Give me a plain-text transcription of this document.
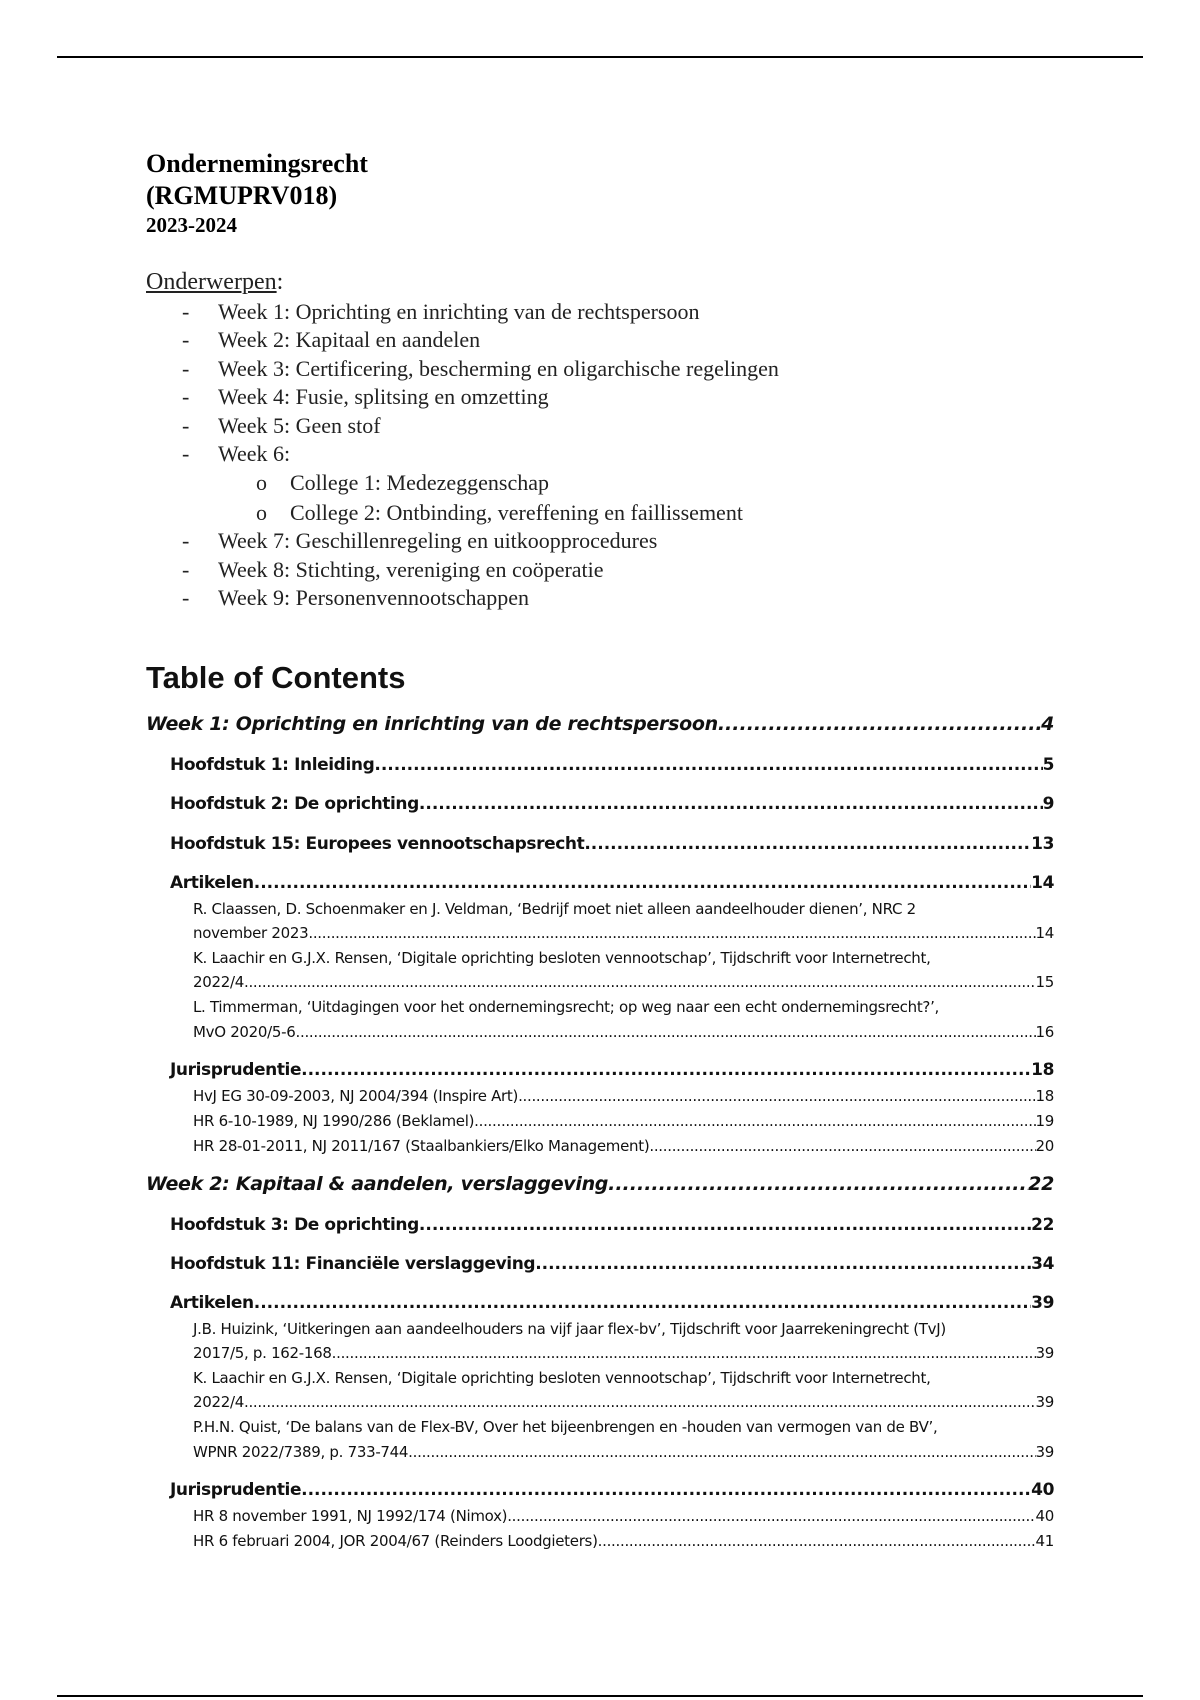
Ondernemingsrecht
(RGMUPRV018)
2023-2024
Onderwerpen:
- Week 1: Oprichting en inrichting van de rechtspersoon
- Week 2: Kapitaal en aandelen
- Week 3: Certificering, bescherming en oligarchische regelingen
- Week 4: Fusie, splitsing en omzetting
- Week 5: Geen stof
- Week 6:
o College 1: Medezeggenschap
o College 2: Ontbinding, vereffening en faillissement
- Week 7: Geschillenregeling en uitkoopprocedures
- Week 8: Stichting, vereniging en coöperatie
- Week 9: Personenvennootschappen
Table of Contents
Week 1: Oprichting en inrichting van de rechtspersoon .....	4
Hoofdstuk 1: Inleiding .....	5
Hoofdstuk 2: De oprichting .....	9
Hoofdstuk 15: Europees vennootschapsrecht .....	13
Artikelen .....	14
R. Claassen, D. Schoenmaker en J. Veldman, ‘Bedrijf moet niet alleen aandeelhouder dienen’, NRC 2
november 2023 .....	14
K. Laachir en G.J.X. Rensen, ‘Digitale oprichting besloten vennootschap’, Tijdschrift voor Internetrecht,
2022/4 .....	15
L. Timmerman, ‘Uitdagingen voor het ondernemingsrecht; op weg naar een echt ondernemingsrecht?’,
MvO 2020/5-6 .....	16
Jurisprudentie .....	18
HvJ EG 30-09-2003, NJ 2004/394 (Inspire Art) .....	18
HR 6-10-1989, NJ 1990/286 (Beklamel) .....	19
HR 28-01-2011, NJ 2011/167 (Staalbankiers/Elko Management) .....	20
Week 2: Kapitaal & aandelen, verslaggeving .....	22
Hoofdstuk 3: De oprichting .....	22
Hoofdstuk 11: Financiële verslaggeving .....	34
Artikelen .....	39
J.B. Huizink, ‘Uitkeringen aan aandeelhouders na vijf jaar flex-bv’, Tijdschrift voor Jaarrekeningrecht (TvJ)
2017/5, p. 162-168 .....	39
K. Laachir en G.J.X. Rensen, ‘Digitale oprichting besloten vennootschap’, Tijdschrift voor Internetrecht,
2022/4 .....	39
P.H.N. Quist, ‘De balans van de Flex-BV, Over het bijeenbrengen en -houden van vermogen van de BV’,
WPNR 2022/7389, p. 733-744 .....	39
Jurisprudentie .....	40
HR 8 november 1991, NJ 1992/174 (Nimox) .....	40
HR 6 februari 2004, JOR 2004/67 (Reinders Loodgieters) .....	41
